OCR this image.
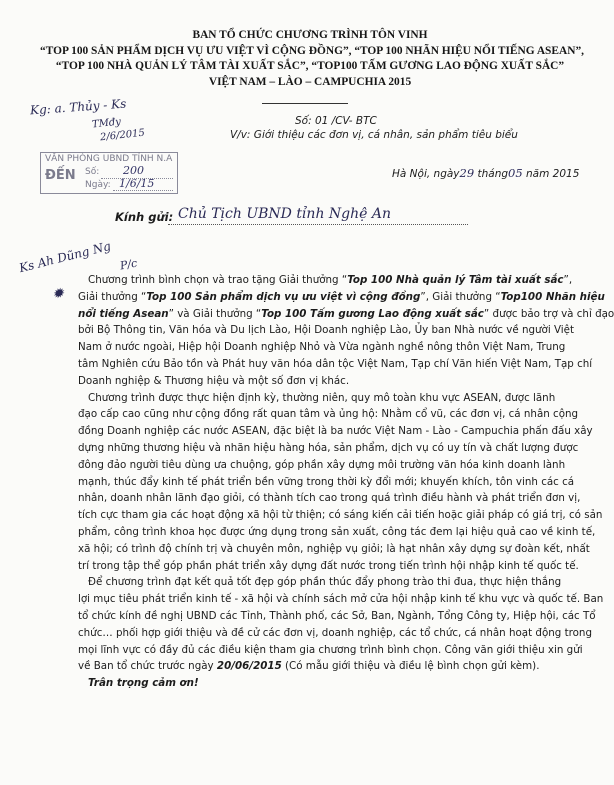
BAN TỔ CHỨC CHƯƠNG TRÌNH TÔN VINH
“TOP 100 SẢN PHẨM DỊCH VỤ ƯU VIỆT VÌ CỘNG ĐỒNG”, “TOP 100 NHÃN HIỆU NỔI TIẾNG ASEAN”,
“TOP 100 NHÀ QUẢN LÝ TÂM TÀI XUẤT SẮC”, “TOP100 TẤM GƯƠNG LAO ĐỘNG XUẤT SẮC”
VIỆT NAM – LÀO – CAMPUCHIA 2015
Số: 01 /CV- BTC
V/v: Giới thiệu các đơn vị, cá nhân, sản phẩm tiêu biểu
Kg: a. Thủy - Ks
TMđy
2/6/2015
VĂN PHÒNG UBND TỈNH N.A
ĐẾN Số:
Ngày:
200
1/6/15
Hà Nội, ngày29 tháng05 năm 2015
Kính gửi: Chủ Tịch UBND tỉnh Nghệ An
Ks Ah Dũng Ng P/c
✹
Chương trình bình chọn và trao tặng Giải thưởng “Top 100 Nhà quản lý Tâm tài xuất sắc”,
Giải thưởng “Top 100 Sản phẩm dịch vụ ưu việt vì cộng đồng”, Giải thưởng “Top100 Nhãn hiệu
nổi tiếng Asean” và Giải thưởng “Top 100 Tấm gương Lao động xuất sắc” được bảo trợ và chỉ đạo
bởi Bộ Thông tin, Văn hóa và Du lịch Lào, Hội Doanh nghiệp Lào, Ủy ban Nhà nước về người Việt
Nam ở nước ngoài, Hiệp hội Doanh nghiệp Nhỏ và Vừa ngành nghề nông thôn Việt Nam, Trung
tâm Nghiên cứu Bảo tồn và Phát huy văn hóa dân tộc Việt Nam, Tạp chí Văn hiến Việt Nam, Tạp chí
Doanh nghiệp & Thương hiệu và một số đơn vị khác.
Chương trình được thực hiện định kỳ, thường niên, quy mô toàn khu vực ASEAN, được lãnh
đạo cấp cao cũng như cộng đồng rất quan tâm và ủng hộ: Nhằm cổ vũ, các đơn vị, cá nhân cộng
đồng Doanh nghiệp các nước ASEAN, đặc biệt là ba nước Việt Nam - Lào - Campuchia phấn đấu xây
dựng những thương hiệu và nhãn hiệu hàng hóa, sản phẩm, dịch vụ có uy tín và chất lượng được
đông đảo người tiêu dùng ưa chuộng, góp phần xây dựng môi trường văn hóa kinh doanh lành
mạnh, thúc đẩy kinh tế phát triển bền vững trong thời kỳ đổi mới; khuyến khích, tôn vinh các cá
nhân, doanh nhân lãnh đạo giỏi, có thành tích cao trong quá trình điều hành và phát triển đơn vị,
tích cực tham gia các hoạt động xã hội từ thiện; có sáng kiến cải tiến hoặc giải pháp có giá trị, có sản
phẩm, công trình khoa học được ứng dụng trong sản xuất, công tác đem lại hiệu quả cao về kinh tế,
xã hội; có trình độ chính trị và chuyên môn, nghiệp vụ giỏi; là hạt nhân xây dựng sự đoàn kết, nhất
trí trong tập thể góp phần phát triển xây dựng đất nước trong tiến trình hội nhập kinh tế quốc tế.
Để chương trình đạt kết quả tốt đẹp góp phần thúc đẩy phong trào thi đua, thực hiện thắng
lợi mục tiêu phát triển kinh tế - xã hội và chính sách mở cửa hội nhập kinh tế khu vực và quốc tế. Ban
tổ chức kính đề nghị UBND các Tỉnh, Thành phố, các Sở, Ban, Ngành, Tổng Công ty, Hiệp hội, các Tổ
chức… phối hợp giới thiệu và đề cử các đơn vị, doanh nghiệp, các tổ chức, cá nhân hoạt động trong
mọi lĩnh vực có đầy đủ các điều kiện tham gia chương trình bình chọn. Công văn giới thiệu xin gửi
về Ban tổ chức trước ngày 20/06/2015 (Có mẫu giới thiệu và điều lệ bình chọn gửi kèm).
Trân trọng cảm ơn!
